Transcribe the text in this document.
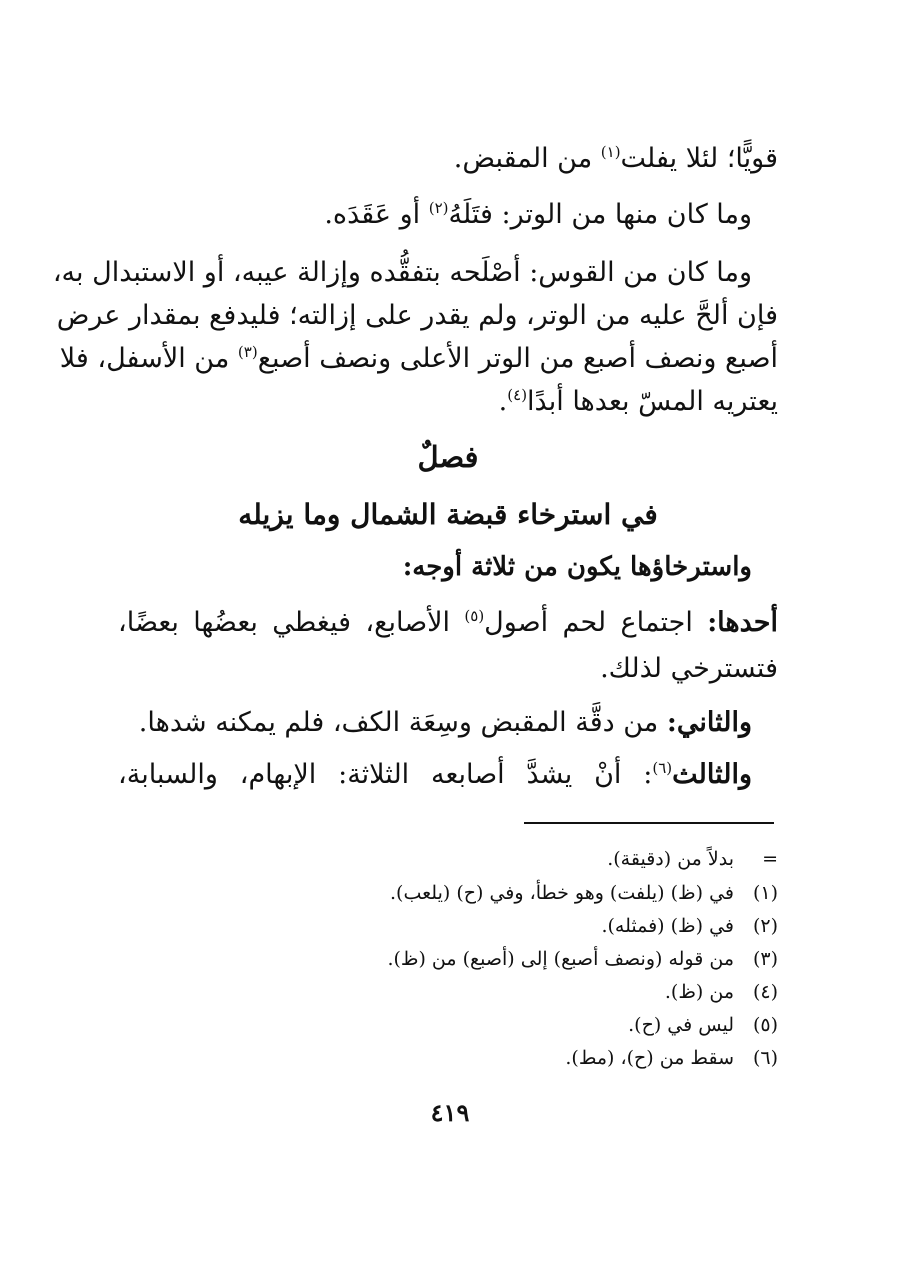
قويًّا؛ لئلا يفلت$^{(١)}$ من المقبض.
وما كان منها من الوتر: فتَلَهُ$^{(٢)}$ أو عَقَدَه.
وما كان من القوس: أصْلَحه بتفقُّده وإزالة عيبه، أو الاستبدال به،
فإن ألحَّ عليه من الوتر، ولم يقدر على إزالته؛ فليدفع بمقدار عرض
أصبع ونصف أصبع من الوتر الأعلى ونصف أصبع$^{(٣)}$ من الأسفل، فلا
يعتريه المسّ بعدها أبدًا$^{(٤)}$.
فصلٌ
في استرخاء قبضة الشمال وما يزيله
واسترخاؤها يكون من ثلاثة أوجه:
أحدها: اجتماع لحم أصول$^{(٥)}$ الأصابع، فيغطي بعضُها بعضًا،
فتسترخي لذلك.
والثاني: من دقَّة المقبض وسِعَة الكف، فلم يمكنه شدها.
والثالث$^{(٦)}$: أنْ يشدَّ أصابعه الثلاثة: الإبهام، والسبابة،
=بدلاً من (دقيقة).
(١)في (ظ) (يلفت) وهو خطأ، وفي (ح) (يلعب).
(٢)في (ظ) (فمثله).
(٣)من قوله (ونصف أصبع) إلى (أصبع) من (ظ).
(٤)من (ظ).
(٥)ليس في (ح).
(٦)سقط من (ح)، (مط).
٤١٩
